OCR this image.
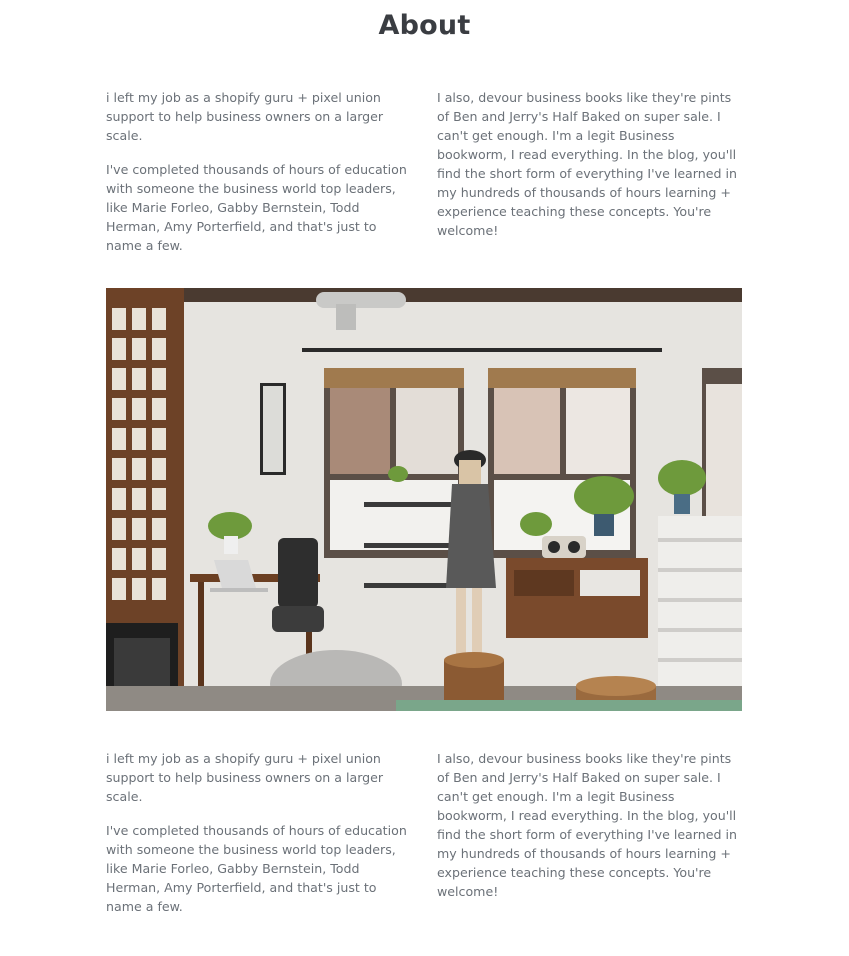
About

i left my job as a shopify guru + pixel union support to help business owners on a larger scale.

I've completed thousands of hours of education with someone the business world top leaders, like Marie Forleo, Gabby Bernstein, Todd Herman, Amy Porterfield, and that's just to name a few.

I also, devour business books like they're pints of Ben and Jerry's Half Baked on super sale. I can't get enough. I'm a legit Business bookworm, I read everything. In the blog, you'll find the short form of everything I've learned in my hundreds of thousands of hours learning + experience teaching these concepts. You're welcome!

i left my job as a shopify guru + pixel union support to help business owners on a larger scale.

I've completed thousands of hours of education with someone the business world top leaders, like Marie Forleo, Gabby Bernstein, Todd Herman, Amy Porterfield, and that's just to name a few.

I also, devour business books like they're pints of Ben and Jerry's Half Baked on super sale. I can't get enough. I'm a legit Business bookworm, I read everything. In the blog, you'll find the short form of everything I've learned in my hundreds of thousands of hours learning + experience teaching these concepts. You're welcome!
